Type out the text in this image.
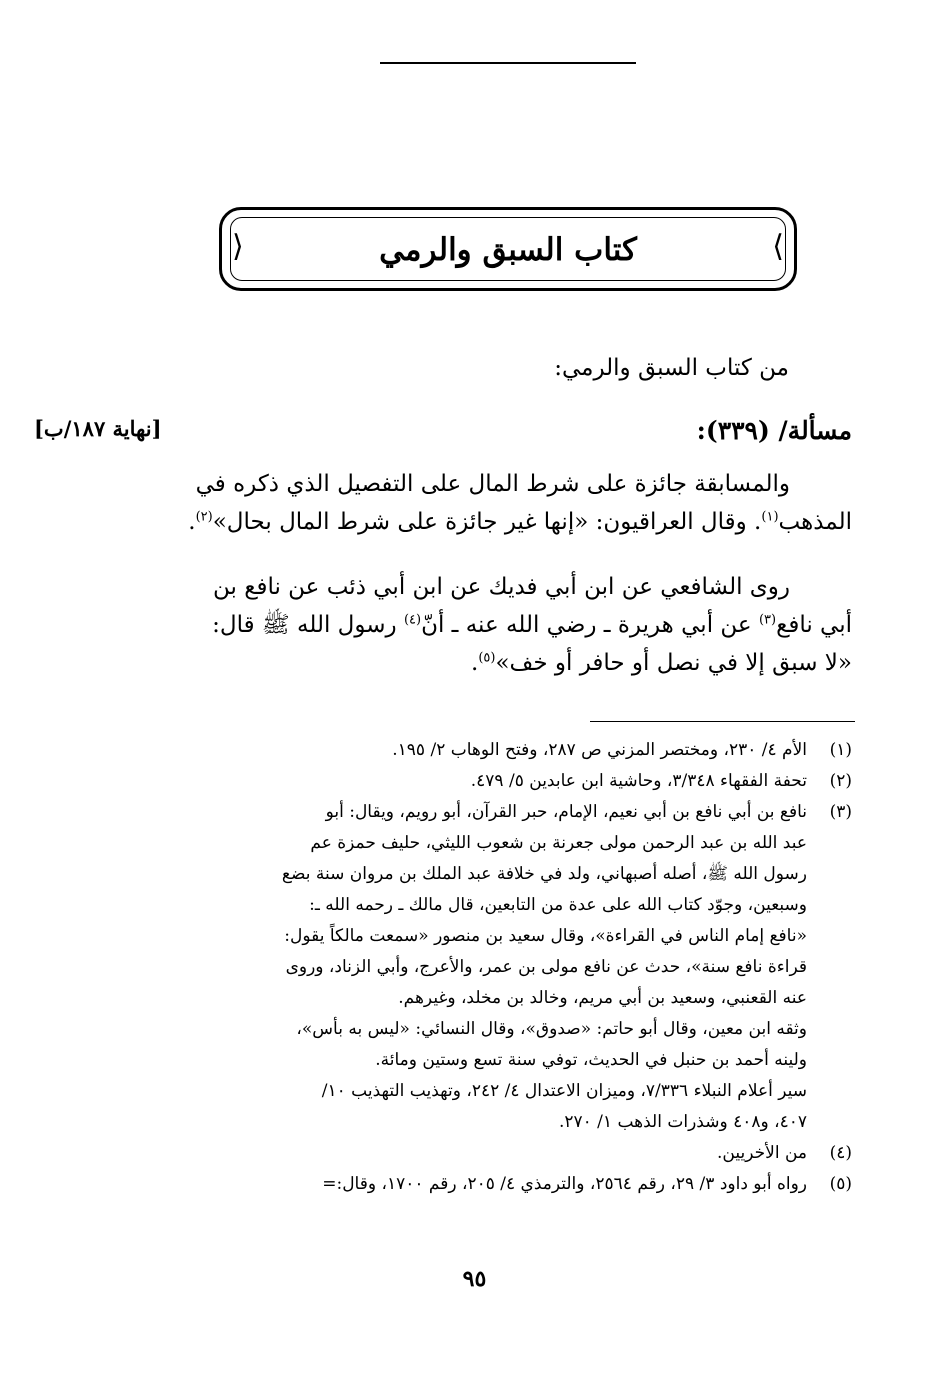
⟨	⟩
كتاب السبق والرمي
من كتاب السبق والرمي:
مسألة/ (٣٣٩):
[نهاية ١٨٧/ب]
والمسابقة جائزة على شرط المال على التفصيل الذي ذكره في
المذهب$^{(١)}$. وقال العراقيون: «إنها غير جائزة على شرط المال بحال»$^{(٢)}$.
روى الشافعي عن ابن أبي فديك عن ابن أبي ذئب عن نافع بن
أبي نافع$^{(٣)}$ عن أبي هريرة ـ رضي الله عنه ـ أنّ$^{(٤)}$ رسول الله ﷺ قال:
«لا سبق إلا في نصل أو حافر أو خف»$^{(٥)}$.
(١)
الأم ٤/ ٢٣٠، ومختصر المزني ص ٢٨٧، وفتح الوهاب ٢/ ١٩٥.
(٢)
تحفة الفقهاء ٣/٣٤٨، وحاشية ابن عابدين ٥/ ٤٧٩.
(٣)
نافع بن أبي نافع بن أبي نعيم، الإمام، حبر القرآن، أبو رويم، ويقال: أبو
عبد الله بن عبد الرحمن مولى جعرنة بن شعوب الليثي، حليف حمزة عم
رسول الله ﷺ، أصله أصبهاني، ولد في خلافة عبد الملك بن مروان سنة بضع
وسبعين، وجوّد كتاب الله على عدة من التابعين، قال مالك ـ رحمه الله ـ:
«نافع إمام الناس في القراءة»، وقال سعيد بن منصور «سمعت مالكاً يقول:
قراءة نافع سنة»، حدث عن نافع مولى بن عمر، والأعرج، وأبي الزناد، وروى
عنه القعنبي، وسعيد بن أبي مريم، وخالد بن مخلد، وغيرهم.
وثقه ابن معين، وقال أبو حاتم: «صدوق»، وقال النسائي: «ليس به بأس»،
ولينه أحمد بن حنبل في الحديث، توفي سنة تسع وستين ومائة.
سير أعلام النبلاء ٧/٣٣٦، وميزان الاعتدال ٤/ ٢٤٢، وتهذيب التهذيب ١٠/
٤٠٧، و٤٠٨ وشذرات الذهب ١/ ٢٧٠.
(٤)
من الأخريين.
(٥)
رواه أبو داود ٣/ ٢٩، رقم ٢٥٦٤، والترمذي ٤/ ٢٠٥، رقم ١٧٠٠، وقال:=
٩٥
